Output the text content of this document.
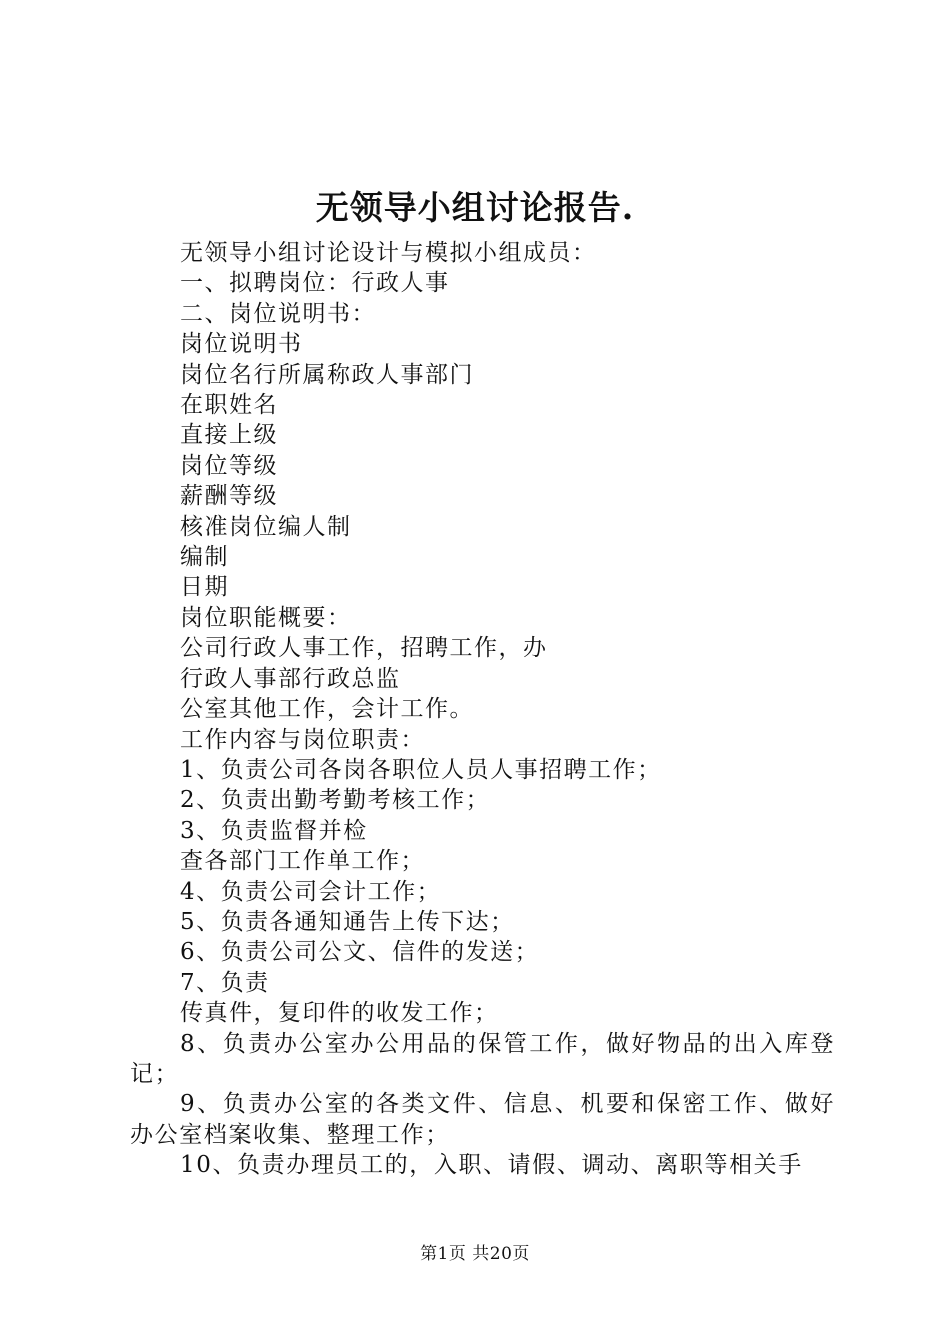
无领导小组讨论报告.

无领导小组讨论设计与模拟小组成员：

一、拟聘岗位：行政人事

二、岗位说明书：

岗位说明书

岗位名行所属称政人事部门

在职姓名

直接上级

岗位等级

薪酬等级

核准岗位编人制

编制

日期

岗位职能概要：

公司行政人事工作，招聘工作，办

行政人事部行政总监

公室其他工作，会计工作。

工作内容与岗位职责：

1、负责公司各岗各职位人员人事招聘工作；

2、负责出勤考勤考核工作；

3、负责监督并检

查各部门工作单工作；

4、负责公司会计工作；

5、负责各通知通告上传下达；

6、负责公司公文、信件的发送；

7、负责

传真件，复印件的收发工作；

8、负责办公室办公用品的保管工作，做好物品的出入库登记；

9、负责办公室的各类文件、信息、机要和保密工作、做好办公室档案收集、整理工作；

10、负责办理员工的，入职、请假、调动、离职等相关手

第1页 共20页
